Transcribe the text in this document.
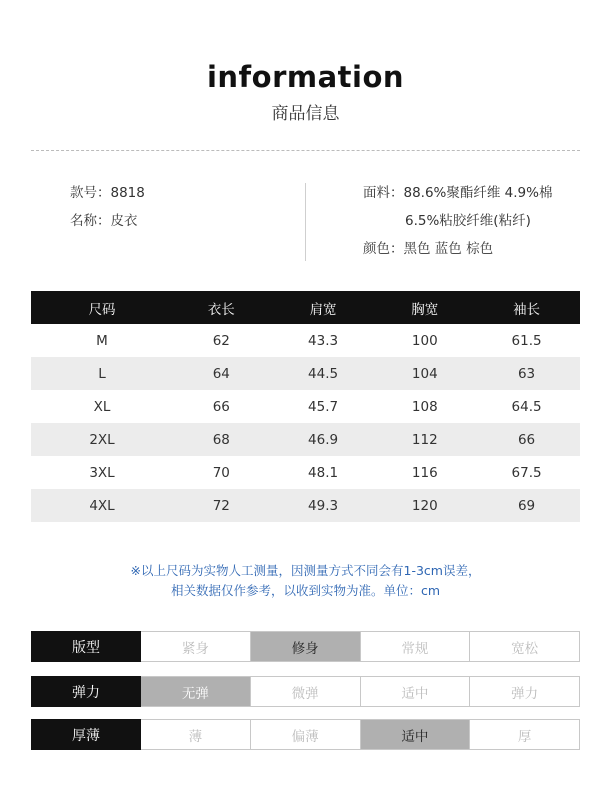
information
商品信息
款号：8818
名称：皮衣
面料：88.6%聚酯纤维 4.9%棉
6.5%粘胶纤维(粘纤)
颜色：黑色 蓝色 棕色
尺码	衣长	肩宽	胸宽	袖长
M	62	43.3	100	61.5
L	64	44.5	104	63
XL	66	45.7	108	64.5
2XL	68	46.9	112	66
3XL	70	48.1	116	67.5
4XL	72	49.3	120	69
※以上尺码为实物人工测量，因测量方式不同会有1-3cm误差，
相关数据仅作参考，以收到实物为准。单位：cm
版型	紧身	修身	常规	宽松
弹力	无弹	微弹	适中	弹力
厚薄	薄	偏薄	适中	厚
